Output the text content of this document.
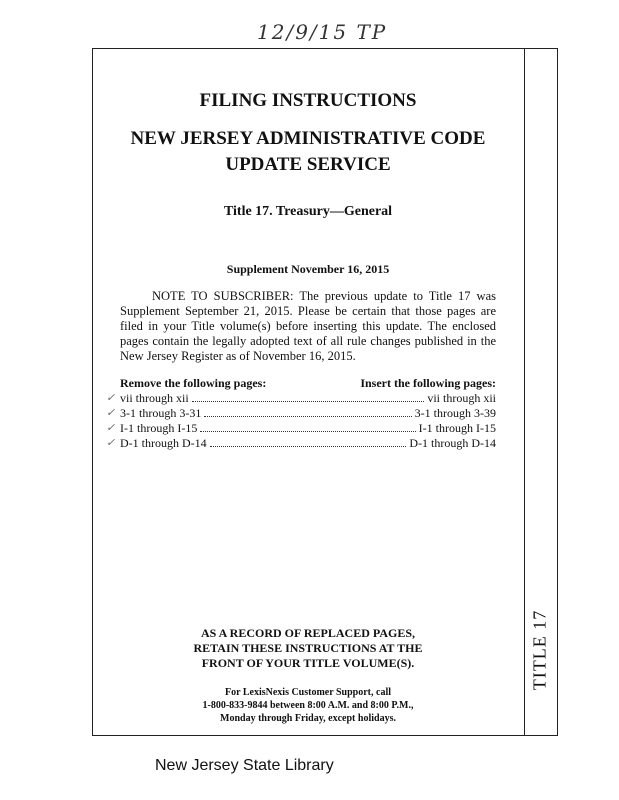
12/9/15 TP
TITLE 17
FILING INSTRUCTIONS
NEW JERSEY ADMINISTRATIVE CODE
UPDATE SERVICE
Title 17. Treasury—General
Supplement November 16, 2015
NOTE TO SUBSCRIBER: The previous update to Title 17 was Supplement September 21, 2015. Please be certain that those pages are filed in your Title volume(s) before inserting this update. The enclosed pages contain the legally adopted text of all rule changes published in the New Jersey Register as of November 16, 2015.
Remove the following pages:	Insert the following pages:
✓ vii through xii	vii through xii
✓ 3-1 through 3-31	3-1 through 3-39
✓ I-1 through I-15	I-1 through I-15
✓ D-1 through D-14	D-1 through D-14
AS A RECORD OF REPLACED PAGES,
RETAIN THESE INSTRUCTIONS AT THE
FRONT OF YOUR TITLE VOLUME(S).
For LexisNexis Customer Support, call
1-800-833-9844 between 8:00 A.M. and 8:00 P.M.,
Monday through Friday, except holidays.
New Jersey State Library
